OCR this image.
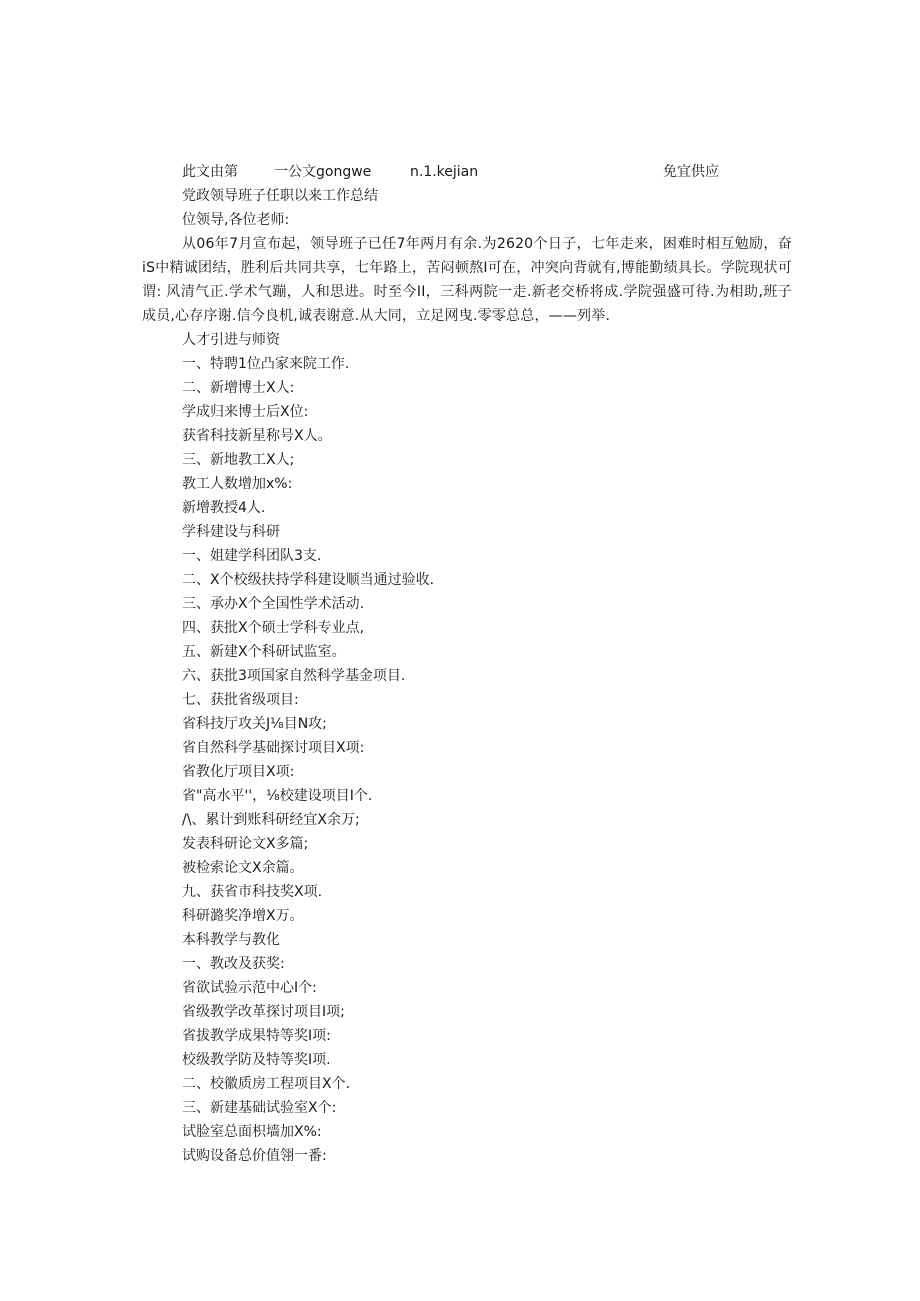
此文由第	一公文gongwe	n.1.kejian	免宜供应
党政领导班子任职以来工作总结
位领导,各位老师:
从06年7月宣布起，领导班子已任7年两月有余.为2620个日子，七年走来，困难时相互勉励，奋iS中精诚团结，胜利后共同共享，七年路上，苦闷顿熬I可在，冲突向背就有,博能勤绩具长。学院现状可谓: 风清气正.学术气蹦，人和思进。时至今II，三科两院一走.新老交桥将成.学院强盛可待.为相助,班子成员,心存序谢.信今良机,诚表谢意.从大同，立足网曳.零零总总，——列举.
人才引进与师资
一、特聘1位凸家来院工作.
二、新增博士X人:
学成归来博士后X位:
获省科技新星称号X人。
三、新地教工X人;
教工人数增加x%:
新增教授4人.
学科建设与科研
一、姐建学科团队3支.
二、X个校级扶持学科建设顺当通过验收.
三、承办X个全国性学术活动.
四、获批X个硕士学科专业点,
五、新建X个科研试监室。
六、获批3项国家自然科学基金项目.
七、获批省级项目:
省科技厅攻关J⅛目N攻;
省自然科学基础探讨项目X项:
省教化厅项目X项:
省"高水平''，⅛校建设项目I个.
/\、累计到账科研经宜X余万;
发表科研论文X多篇;
被检索论文X余篇。
九、获省市科技奖X项.
科研潞奖净增X万。
本科教学与教化
一、教改及获奖:
省欲试验示范中心I个:
省级教学改革探讨项目I项;
省拔教学成果特等奖I项:
校级教学防及特等奖I项.
二、校徽质房工程项目X个.
三、新建基础试验室X个:
试脸室总面枳墙加X%:
试购设备总价值翎一番:
